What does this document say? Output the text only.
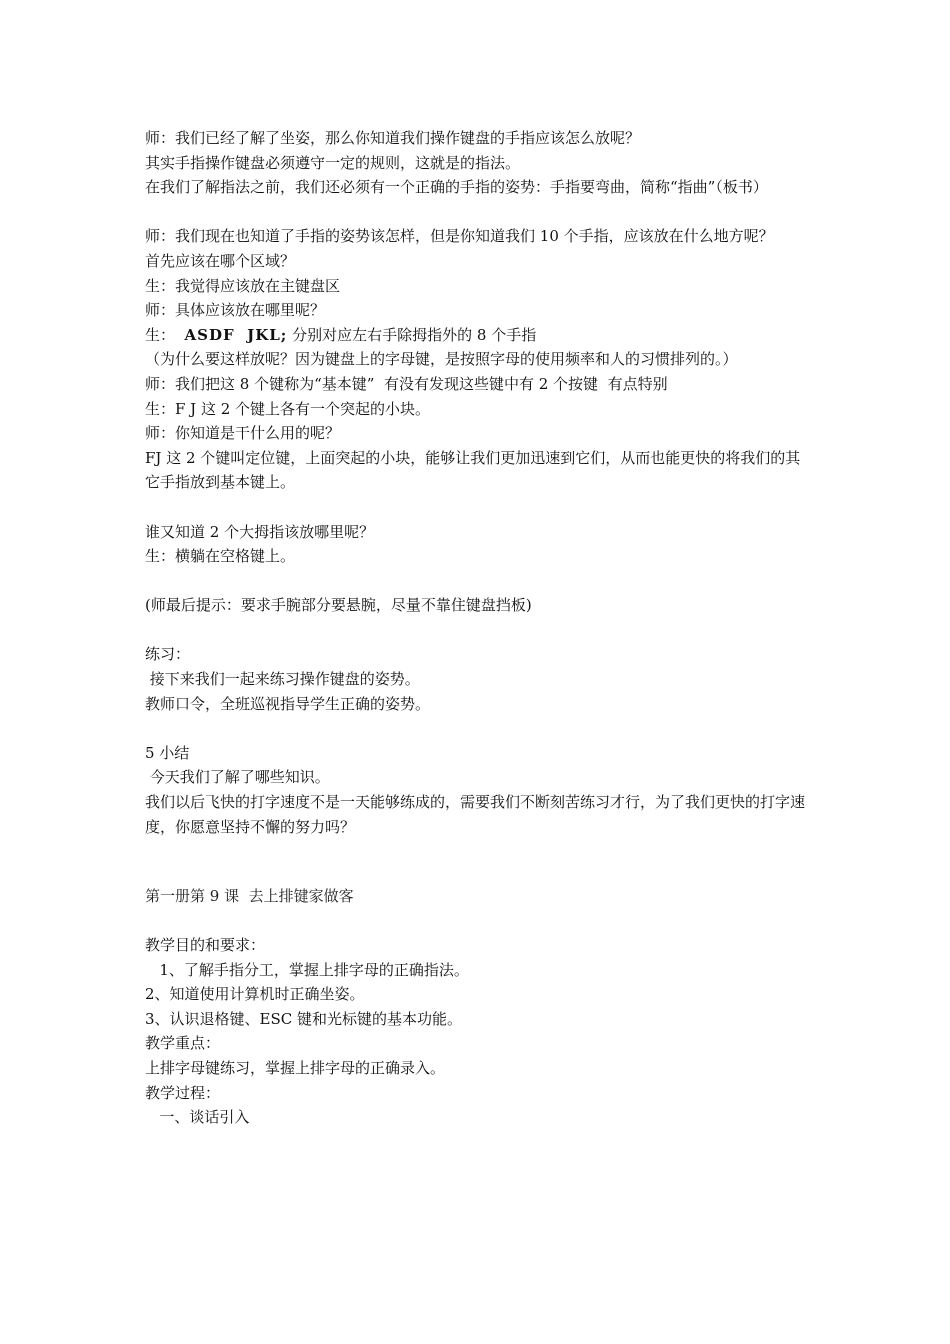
师：我们已经了解了坐姿，那么你知道我们操作键盘的手指应该怎么放呢？
其实手指操作键盘必须遵守一定的规则，这就是的指法。
在我们了解指法之前，我们还必须有一个正确的手指的姿势：手指要弯曲，简称“指曲”（板书）
师：我们现在也知道了手指的姿势该怎样，但是你知道我们 10 个手指，应该放在什么地方呢？
首先应该在哪个区域？
生：我觉得应该放在主键盘区
师：具体应该放在哪里呢？
生：  ASDF  JKL; 分别对应左右手除拇指外的 8 个手指
（为什么要这样放呢？因为键盘上的字母键，是按照字母的使用频率和人的习惯排列的。）
师：我们把这 8 个键称为“基本键”  有没有发现这些键中有 2 个按键  有点特别
生：F J 这 2 个键上各有一个突起的小块。
师：你知道是干什么用的呢？
FJ 这 2 个键叫定位键，上面突起的小块，能够让我们更加迅速到它们，从而也能更快的将我们的其它手指放到基本键上。
谁又知道 2 个大拇指该放哪里呢？
生：横躺在空格键上。
(师最后提示：要求手腕部分要悬腕，尽量不靠住键盘挡板)
练习：
接下来我们一起来练习操作键盘的姿势。
教师口令，全班巡视指导学生正确的姿势。
5 小结
今天我们了解了哪些知识。
我们以后飞快的打字速度不是一天能够练成的，需要我们不断刻苦练习才行，为了我们更快的打字速度，你愿意坚持不懈的努力吗？
第一册第 9 课  去上排键家做客
教学目的和要求：
1、了解手指分工，掌握上排字母的正确指法。
2、知道使用计算机时正确坐姿。
3、认识退格键、ESC 键和光标键的基本功能。
教学重点：
上排字母键练习，掌握上排字母的正确录入。
教学过程：
一、谈话引入
